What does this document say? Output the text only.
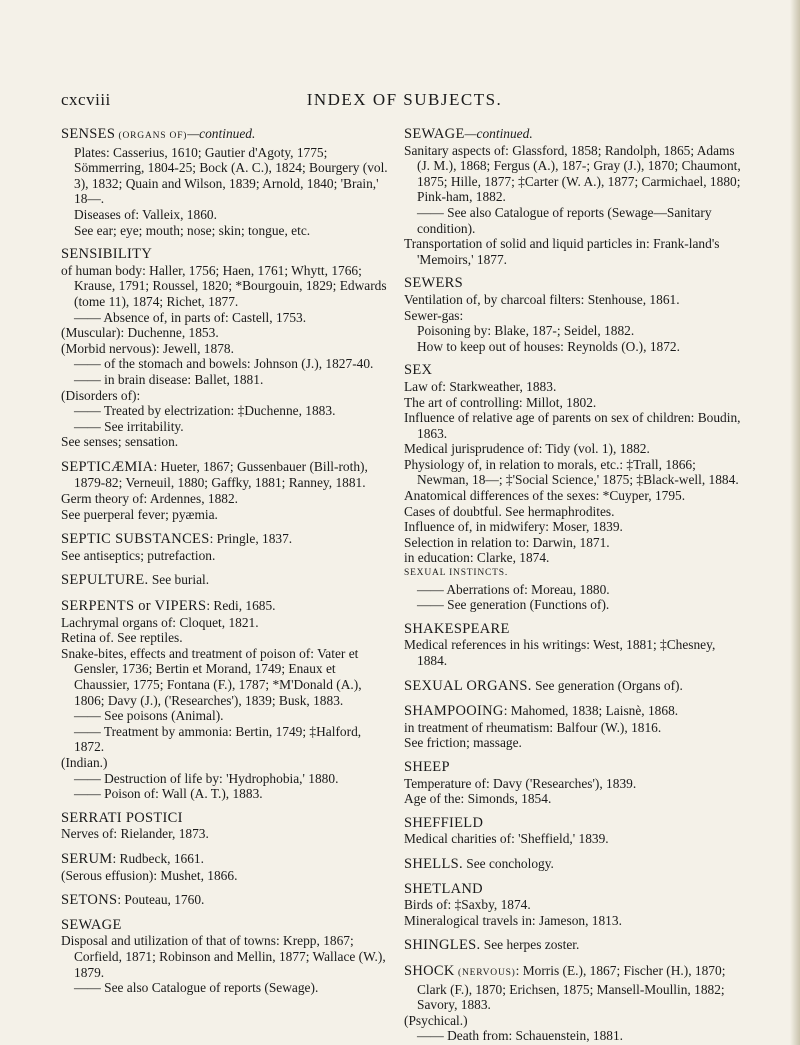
cxcviii	INDEX OF SUBJECTS.

SENSES (ORGANS OF)—continued.

Plates: Casserius, 1610; Gautier d'Agoty, 1775; Sömmerring, 1804-25; Bock (A. C.), 1824; Bourgery (vol. 3), 1832; Quain and Wilson, 1839; Arnold, 1840; 'Brain,' 18—.

Diseases of: Valleix, 1860.

See ear; eye; mouth; nose; skin; tongue, etc.

SENSIBILITY

of human body: Haller, 1756; Haen, 1761; Whytt, 1766; Krause, 1791; Roussel, 1820; *Bourgouin, 1829; Edwards (tome 11), 1874; Richet, 1877.

—— Absence of, in parts of: Castell, 1753.

(Muscular): Duchenne, 1853.

(Morbid nervous): Jewell, 1878.

—— of the stomach and bowels: Johnson (J.), 1827-40.

—— in brain disease: Ballet, 1881.

(Disorders of):

—— Treated by electrization: ‡Duchenne, 1883.

—— See irritability.

See senses; sensation.

SEPTICÆMIA: Hueter, 1867; Gussenbauer (Bill-roth), 1879-82; Verneuil, 1880; Gaffky, 1881; Ranney, 1881.

Germ theory of: Ardennes, 1882.

See puerperal fever; pyæmia.

SEPTIC SUBSTANCES: Pringle, 1837.

See antiseptics; putrefaction.

SEPULTURE. See burial.

SERPENTS or VIPERS: Redi, 1685.

Lachrymal organs of: Cloquet, 1821.

Retina of. See reptiles.

Snake-bites, effects and treatment of poison of: Vater et Gensler, 1736; Bertin et Morand, 1749; Enaux et Chaussier, 1775; Fontana (F.), 1787; *M'Donald (A.), 1806; Davy (J.), ('Researches'), 1839; Busk, 1883.

—— See poisons (Animal).

—— Treatment by ammonia: Bertin, 1749; ‡Halford, 1872.

(Indian.)

—— Destruction of life by: 'Hydrophobia,' 1880.

—— Poison of: Wall (A. T.), 1883.

SERRATI POSTICI

Nerves of: Rielander, 1873.

SERUM: Rudbeck, 1661.

(Serous effusion): Mushet, 1866.

SETONS: Pouteau, 1760.

SEWAGE

Disposal and utilization of that of towns: Krepp, 1867; Corfield, 1871; Robinson and Mellin, 1877; Wallace (W.), 1879.

—— See also Catalogue of reports (Sewage).

SEWAGE—continued.

Sanitary aspects of: Glassford, 1858; Randolph, 1865; Adams (J. M.), 1868; Fergus (A.), 187-; Gray (J.), 1870; Chaumont, 1875; Hille, 1877; ‡Carter (W. A.), 1877; Carmichael, 1880; Pink-ham, 1882.

—— See also Catalogue of reports (Sewage—Sanitary condition).

Transportation of solid and liquid particles in: Frank-land's 'Memoirs,' 1877.

SEWERS

Ventilation of, by charcoal filters: Stenhouse, 1861.

Sewer-gas:

Poisoning by: Blake, 187-; Seidel, 1882.

How to keep out of houses: Reynolds (O.), 1872.

SEX

Law of: Starkweather, 1883.

The art of controlling: Millot, 1802.

Influence of relative age of parents on sex of children: Boudin, 1863.

Medical jurisprudence of: Tidy (vol. 1), 1882.

Physiology of, in relation to morals, etc.: ‡Trall, 1866; Newman, 18—; ‡'Social Science,' 1875; ‡Black-well, 1884.

Anatomical differences of the sexes: *Cuyper, 1795.

Cases of doubtful. See hermaphrodites.

Influence of, in midwifery: Moser, 1839.

Selection in relation to: Darwin, 1871.

in education: Clarke, 1874.

SEXUAL INSTINCTS.

—— Aberrations of: Moreau, 1880.

—— See generation (Functions of).

SHAKESPEARE

Medical references in his writings: West, 1881; ‡Chesney, 1884.

SEXUAL ORGANS. See generation (Organs of).

SHAMPOOING: Mahomed, 1838; Laisnè, 1868.

in treatment of rheumatism: Balfour (W.), 1816.

See friction; massage.

SHEEP

Temperature of: Davy ('Researches'), 1839.

Age of the: Simonds, 1854.

SHEFFIELD

Medical charities of: 'Sheffield,' 1839.

SHELLS. See conchology.

SHETLAND

Birds of: ‡Saxby, 1874.

Mineralogical travels in: Jameson, 1813.

SHINGLES. See herpes zoster.

SHOCK (NERVOUS): Morris (E.), 1867; Fischer (H.), 1870; Clark (F.), 1870; Erichsen, 1875; Mansell-Moullin, 1882; Savory, 1883.

(Psychical.)

—— Death from: Schauenstein, 1881.
